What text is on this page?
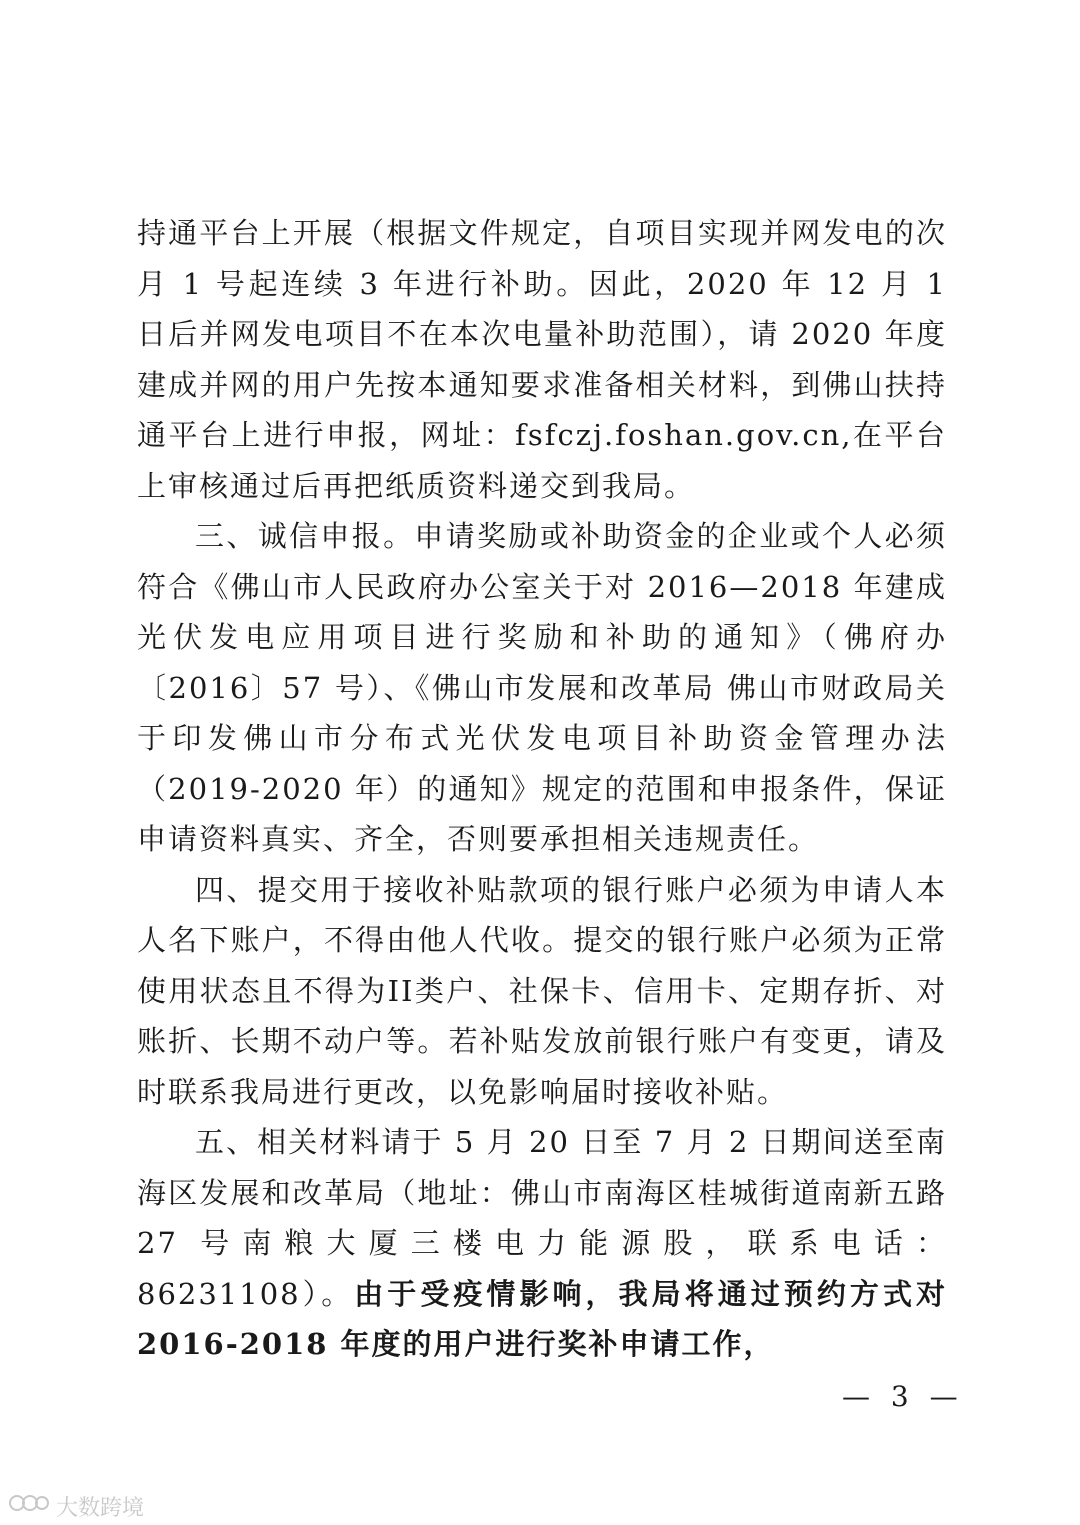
持通平台上开展（根据文件规定，自项目实现并网发电的次月 1 号起连续 3 年进行补助。因此，2020 年 12 月 1 日后并网发电项目不在本次电量补助范围），请 2020 年度建成并网的用户先按本通知要求准备相关材料，到佛山扶持通平台上进行申报，网址：fsfczj.foshan.gov.cn,在平台上审核通过后再把纸质资料递交到我局。

三、诚信申报。申请奖励或补助资金的企业或个人必须符合《佛山市人民政府办公室关于对 2016—2018 年建成光伏发电应用项目进行奖励和补助的通知》（佛府办〔2016〕57 号）、《佛山市发展和改革局 佛山市财政局关于印发佛山市分布式光伏发电项目补助资金管理办法（2019-2020 年）的通知》规定的范围和申报条件，保证申请资料真实、齐全，否则要承担相关违规责任。

四、提交用于接收补贴款项的银行账户必须为申请人本人名下账户，不得由他人代收。提交的银行账户必须为正常使用状态且不得为II类户、社保卡、信用卡、定期存折、对账折、长期不动户等。若补贴发放前银行账户有变更，请及时联系我局进行更改，以免影响届时接收补贴。

五、相关材料请于 5 月 20 日至 7 月 2 日期间送至南海区发展和改革局（地址：佛山市南海区桂城街道南新五路 27 号南粮大厦三楼电力能源股，联系电话：86231108）。由于受疫情影响，我局将通过预约方式对 2016-2018 年度的用户进行奖补申请工作，

— 3 —
大数跨境
